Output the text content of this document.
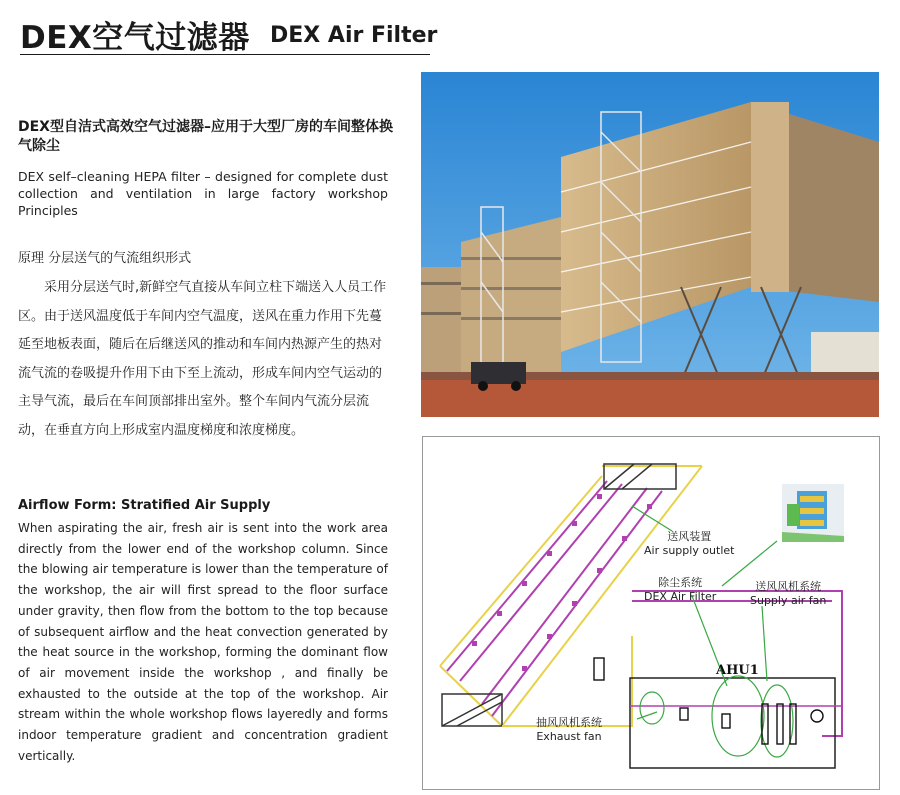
DEX空气过滤器 DEX Air Filter
DEX型自洁式高效空气过滤器–应用于大型厂房的车间整体换气除尘
DEX self–cleaning HEPA filter – designed for complete dust collection and ventilation in large factory workshop Principles
原理 分层送气的气流组织形式
采用分层送气时,新鲜空气直接从车间立柱下端送入人员工作区。由于送风温度低于车间内空气温度，送风在重力作用下先蔓延至地板表面，随后在后继送风的推动和车间内热源产生的热对流气流的卷吸提升作用下由下至上流动，形成车间内空气运动的主导气流，最后在车间顶部排出室外。整个车间内气流分层流动，在垂直方向上形成室内温度梯度和浓度梯度。
Airflow Form: Stratified Air Supply
When aspirating the air, fresh air is sent into the work area directly from the lower end of the workshop column. Since the blowing air temperature is lower than the temperature of the workshop, the air will first spread to the floor surface under gravity, then flow from the bottom to the top because of subsequent airflow and the heat convection generated by the heat source in the workshop, forming the dominant flow of air movement inside the workshop , and finally be exhausted to the outside at the top of the workshop. Air stream within the whole workshop flows layeredly and forms indoor temperature gradient and concentration gradient vertically.
送风装置
Air supply outlet
除尘系统
DEX Air Filter
送风风机系统
Supply air fan
抽风风机系统
Exhaust fan
AHU1
